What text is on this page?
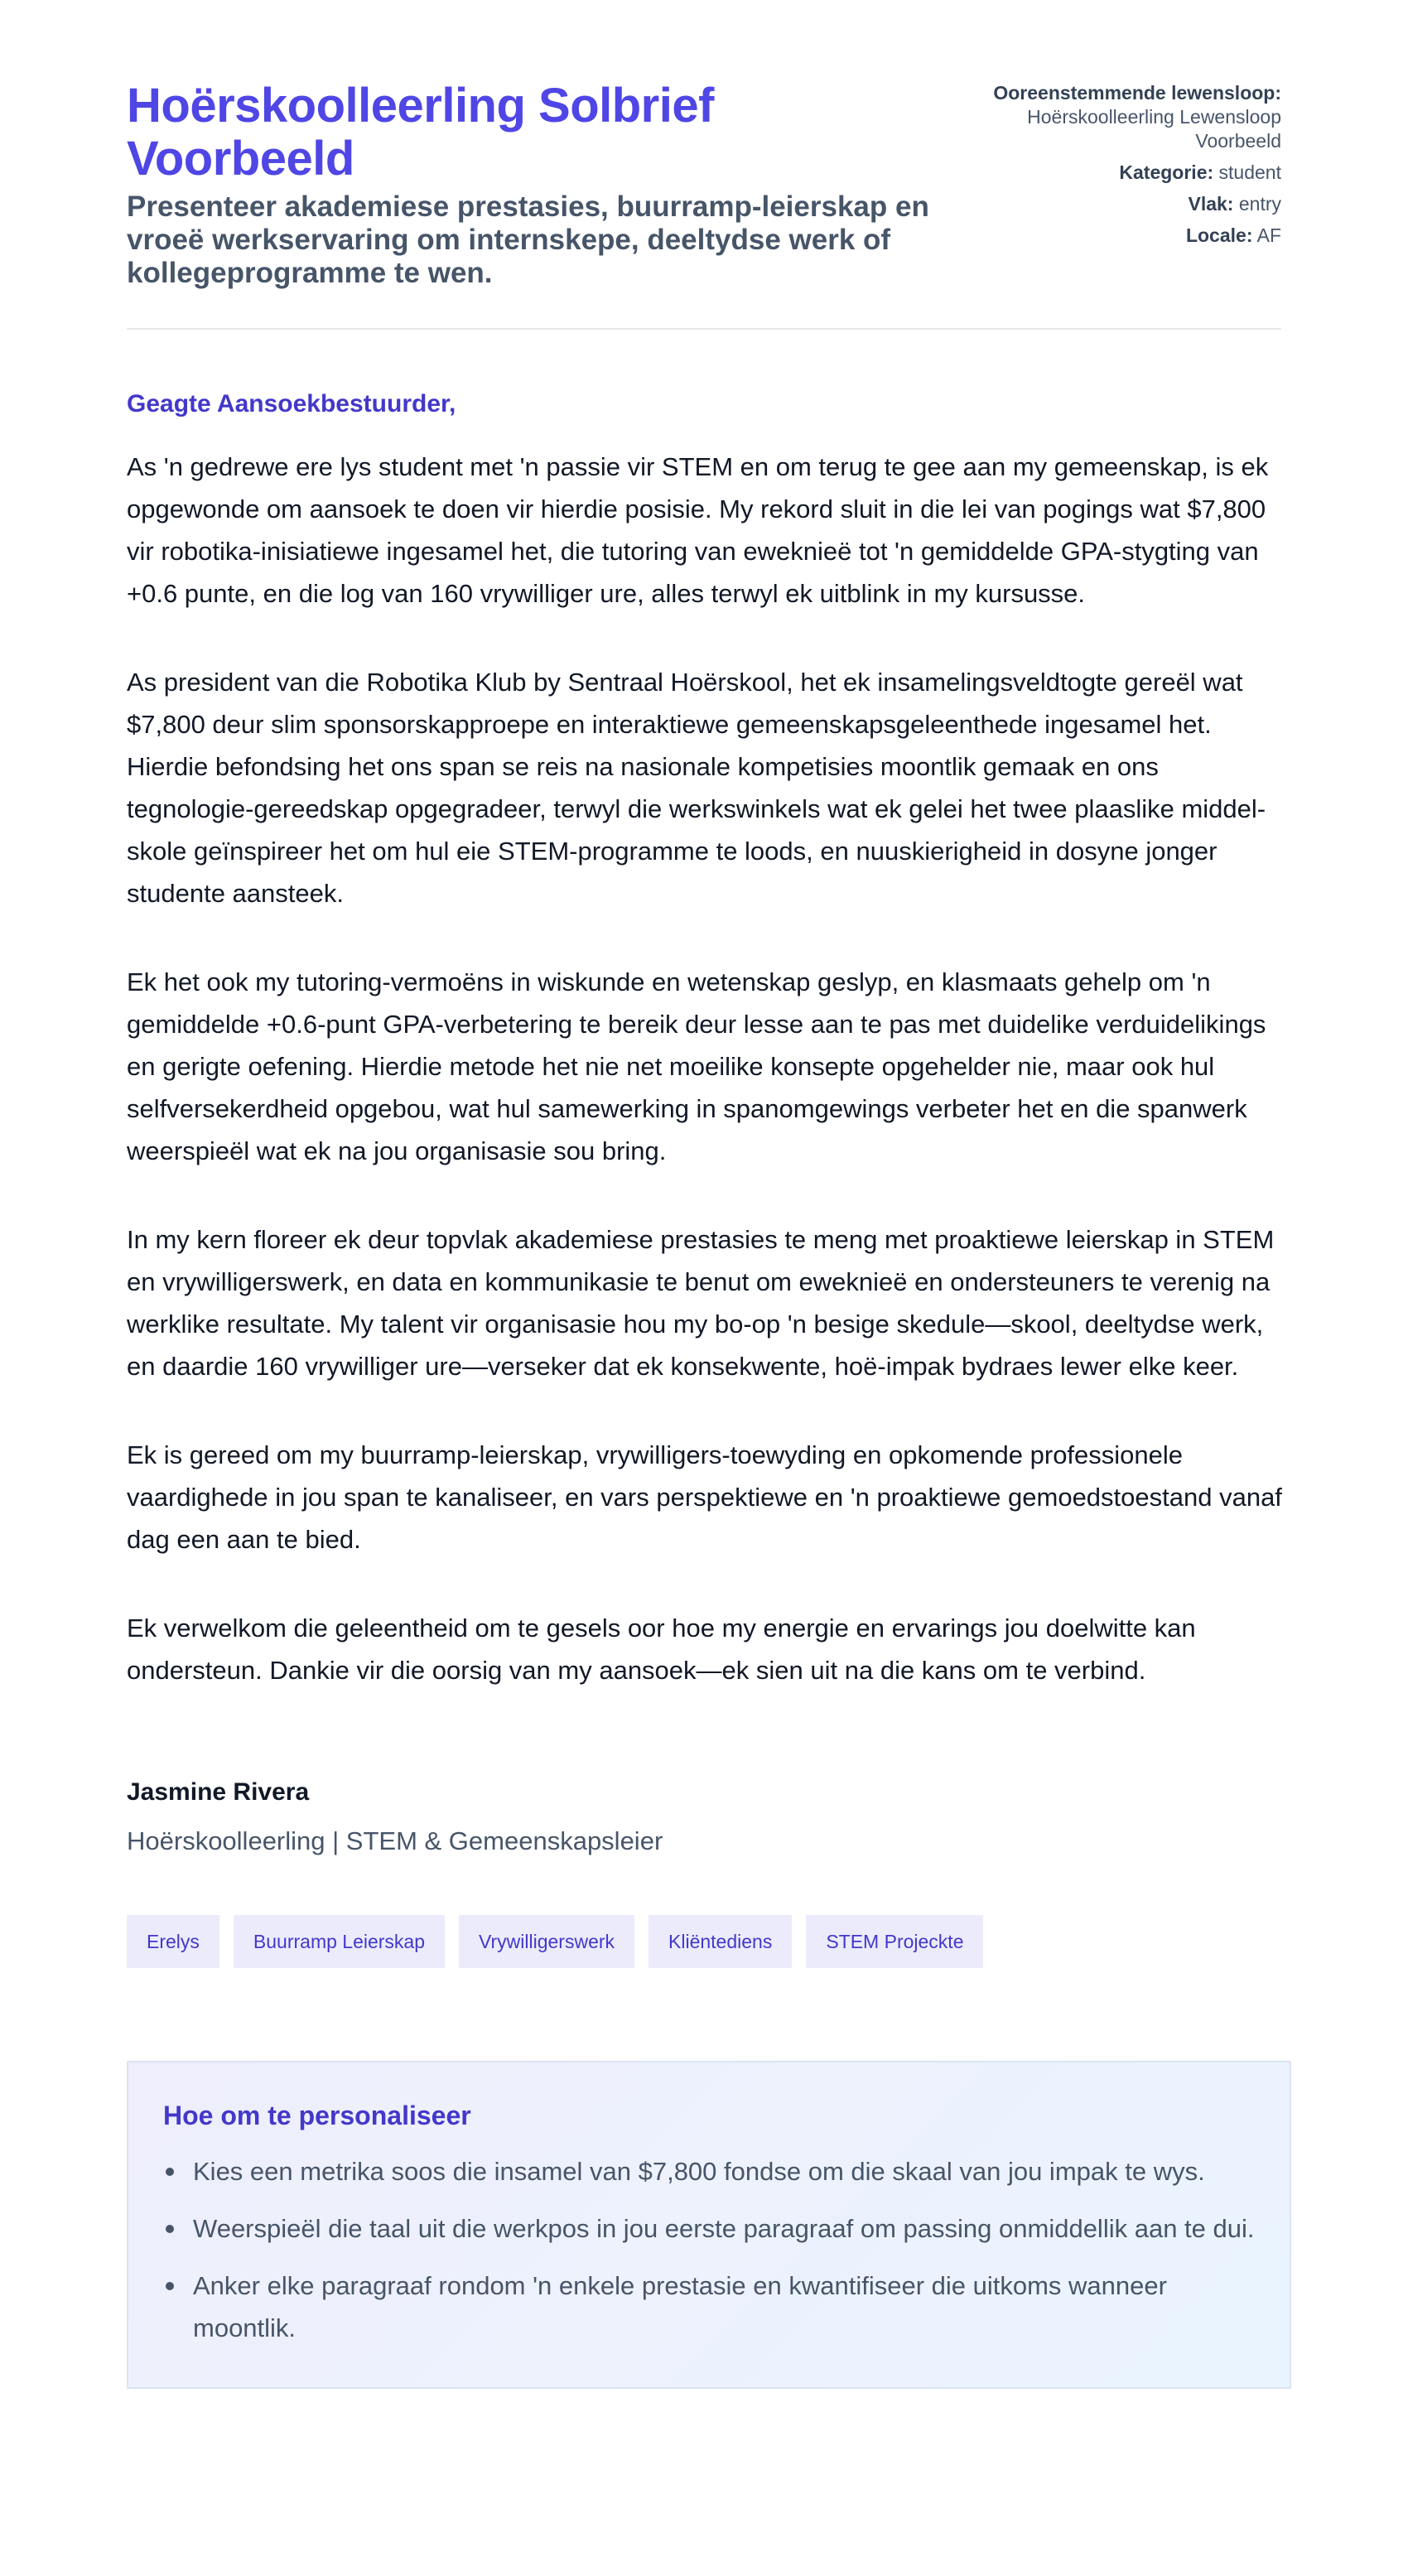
Hoërskoolleerling Solbrief Voorbeeld
Presenteer akademiese prestasies, buurramp-leierskap en vroeë werkservaring om internskepe, deeltydse werk of kollegeprogramme te wen.
Ooreenstemmende lewensloop:
Hoërskoolleerling Lewensloop Voorbeeld
Kategorie: student
Vlak: entry
Locale: AF

Geagte Aansoekbestuurder,

As 'n gedrewe ere lys student met 'n passie vir STEM en om terug te gee aan my gemeenskap, is ek opgewonde om aansoek te doen vir hierdie posisie. My rekord sluit in die lei van pogings wat $7,800 vir robotika-inisiatiewe ingesamel het, die tutoring van eweknieë tot 'n gemiddelde GPA-stygting van +0.6 punte, en die log van 160 vrywilliger ure, alles terwyl ek uitblink in my kursusse.

As president van die Robotika Klub by Sentraal Hoërskool, het ek insamelingsveldtogte gereël wat $7,800 deur slim sponsorskapproepe en interaktiewe gemeenskapsgeleenthede ingesamel het. Hierdie befondsing het ons span se reis na nasionale kompetisies moontlik gemaak en ons tegnologie-gereedskap opgegradeer, terwyl die werkswinkels wat ek gelei het twee plaaslike middel-skole geïnspireer het om hul eie STEM-programme te loods, en nuuskierigheid in dosyne jonger studente aansteek.

Ek het ook my tutoring-vermoëns in wiskunde en wetenskap geslyp, en klasmaats gehelp om 'n gemiddelde +0.6-punt GPA-verbetering te bereik deur lesse aan te pas met duidelike verduidelikings en gerigte oefening. Hierdie metode het nie net moeilike konsepte opgehelder nie, maar ook hul selfversekerdheid opgebou, wat hul samewerking in spanomgewings verbeter het en die spanwerk weerspieël wat ek na jou organisasie sou bring.

In my kern floreer ek deur topvlak akademiese prestasies te meng met proaktiewe leierskap in STEM en vrywilligerswerk, en data en kommunikasie te benut om eweknieë en ondersteuners te verenig na werklike resultate. My talent vir organisasie hou my bo-op 'n besige skedule—skool, deeltydse werk, en daardie 160 vrywilliger ure—verseker dat ek konsekwente, hoë-impak bydraes lewer elke keer.

Ek is gereed om my buurramp-leierskap, vrywilligers-toewyding en opkomende professionele vaardighede in jou span te kanaliseer, en vars perspektiewe en 'n proaktiewe gemoedstoestand vanaf dag een aan te bied.

Ek verwelkom die geleentheid om te gesels oor hoe my energie en ervarings jou doelwitte kan ondersteun. Dankie vir die oorsig van my aansoek—ek sien uit na die kans om te verbind.

Jasmine Rivera
Hoërskoolleerling | STEM & Gemeenskapsleier
Erelys	Buurramp Leierskap	Vrywilligerswerk	Kliëntediens	STEM Projeckte
Hoe om te personaliseer
Kies een metrika soos die insamel van $7,800 fondse om die skaal van jou impak te wys.
Weerspieël die taal uit die werkpos in jou eerste paragraaf om passing onmiddellik aan te dui.
Anker elke paragraaf rondom 'n enkele prestasie en kwantifiseer die uitkoms wanneer moontlik.
